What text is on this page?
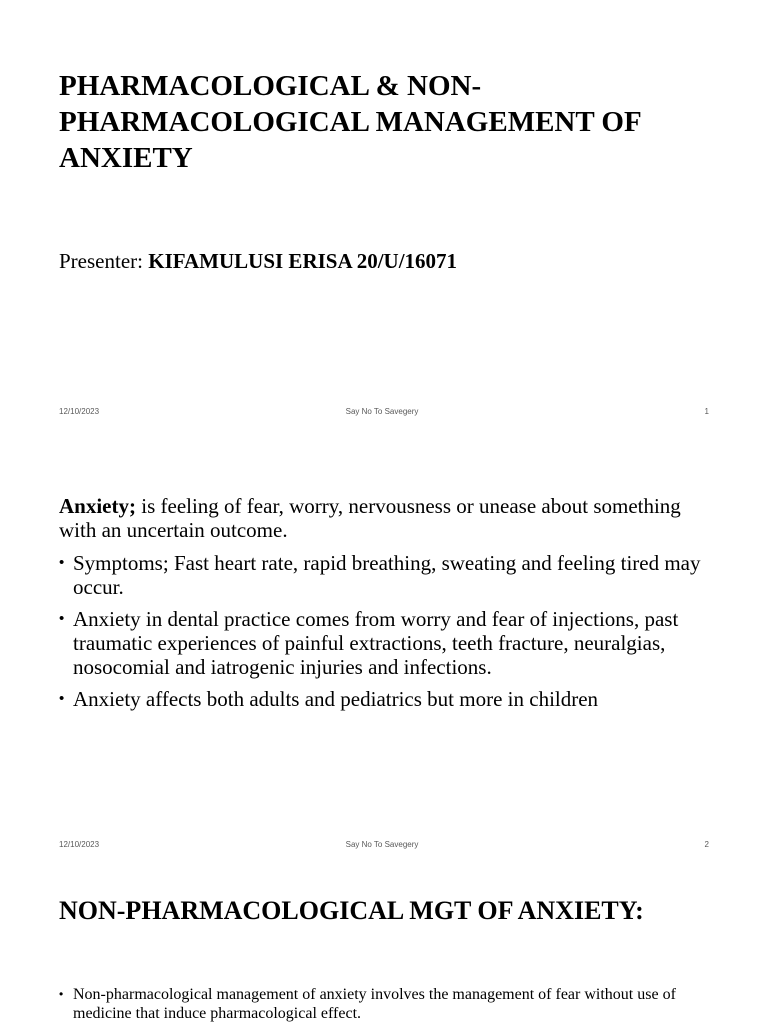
PHARMACOLOGICAL & NON-
PHARMACOLOGICAL MANAGEMENT OF
ANXIETY
Presenter: KIFAMULUSI ERISA 20/U/16071
12/10/2023	Say No To Savegery	1
Anxiety; is feeling of fear, worry, nervousness or unease about something with an uncertain outcome.
• Symptoms; Fast heart rate, rapid breathing, sweating and feeling tired may occur.
• Anxiety in dental practice comes from worry and fear of injections, past traumatic experiences of painful extractions, teeth fracture, neuralgias, nosocomial and iatrogenic injuries and infections.
• Anxiety affects both adults and pediatrics but more in children
12/10/2023	Say No To Savegery	2
NON-PHARMACOLOGICAL MGT OF ANXIETY:
• Non-pharmacological management of anxiety involves the management of fear without use of medicine that induce pharmacological effect.
